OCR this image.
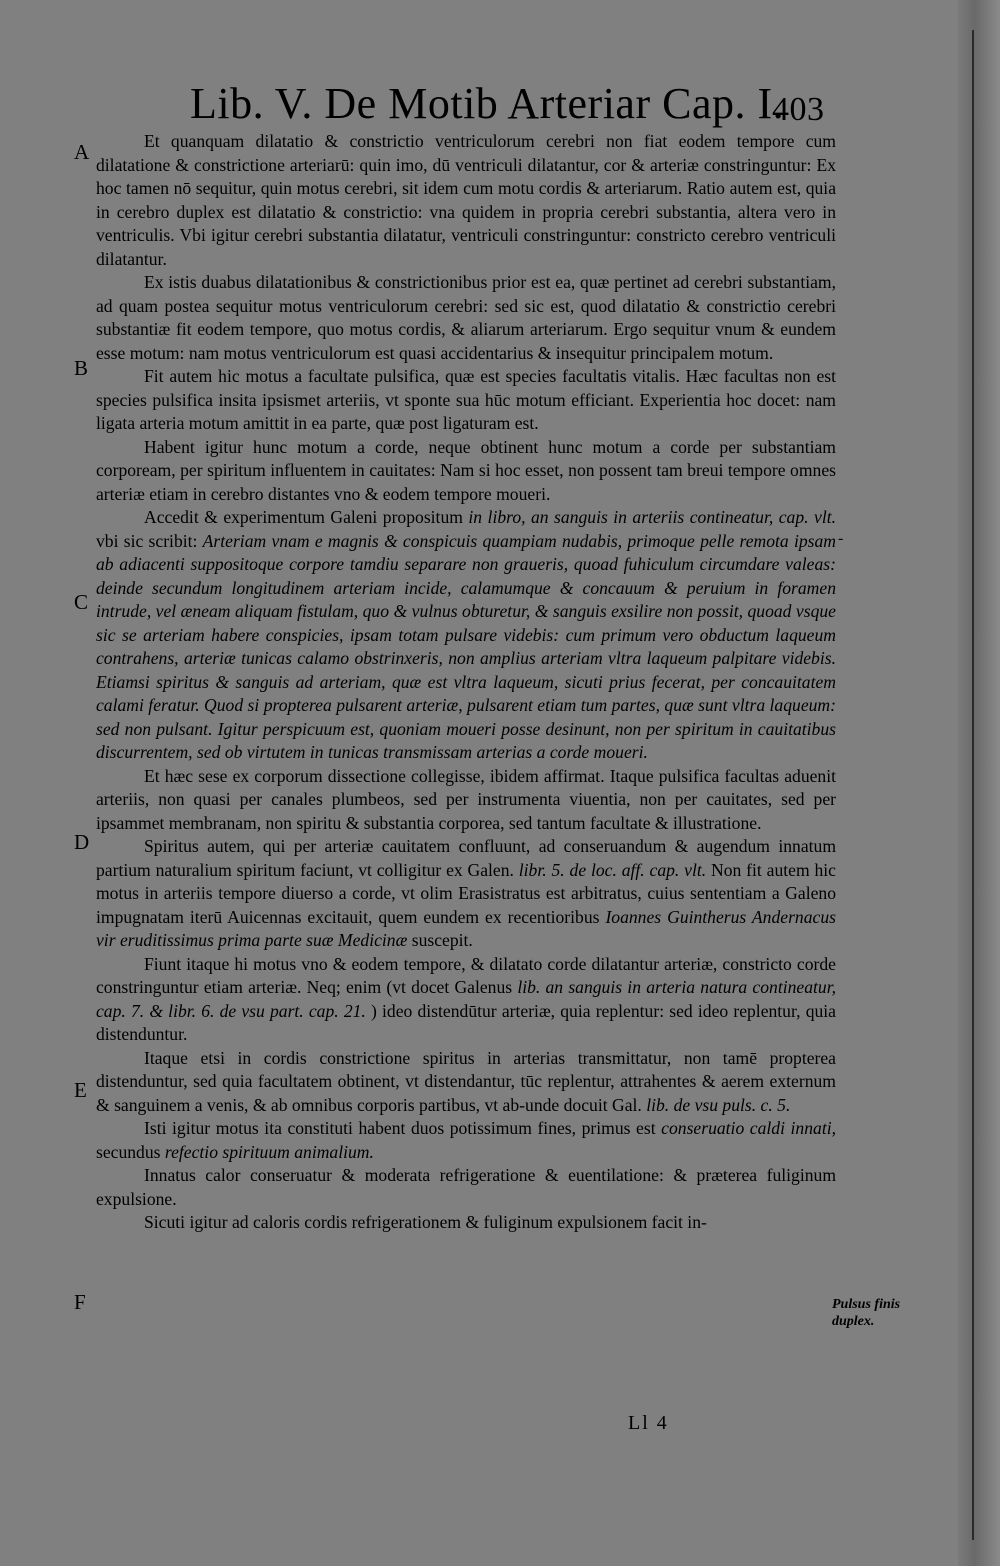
Lib. V. De Motib Arteriar Cap. I.
403
A
B
C
D
E
F

Et quanquam dilatatio & constrictio ventriculorum cerebri non fiat eodem tempore cum dilatatione & constrictione arteriarū: quin imo, dū ventriculi dilatantur, cor & arteriæ constringuntur: Ex hoc tamen nō sequitur, quin motus cerebri, sit idem cum motu cordis & arteriarum. Ratio autem est, quia in cerebro duplex est dilatatio & constrictio: vna quidem in propria cerebri substantia, altera vero in ventriculis. Vbi igitur cerebri substantia dilatatur, ventriculi constringuntur: constricto cerebro ventriculi dilatantur.

Ex istis duabus dilatationibus & constrictionibus prior est ea, quæ pertinet ad cerebri substantiam, ad quam postea sequitur motus ventriculorum cerebri: sed sic est, quod dilatatio & constrictio cerebri substantiæ fit eodem tempore, quo motus cordis, & aliarum arteriarum. Ergo sequitur vnum & eundem esse motum: nam motus ventriculorum est quasi accidentarius & insequitur principalem motum.

Fit autem hic motus a facultate pulsifica, quæ est species facultatis vitalis. Hæc facultas non est species pulsifica insita ipsismet arteriis, vt sponte sua hūc motum efficiant. Experientia hoc docet: nam ligata arteria motum amittit in ea parte, quæ post ligaturam est.

Habent igitur hunc motum a corde, neque obtinent hunc motum a corde per substantiam corpoream, per spiritum influentem in cauitates: Nam si hoc esset, non possent tam breui tempore omnes arteriæ etiam in cerebro distantes vno & eodem tempore moueri.

Accedit & experimentum Galeni propositum in libro, an sanguis in arteriis contineatur, cap. vlt. vbi sic scribit: Arteriam vnam e magnis & conspicuis quampiam nudabis, primoque pelle remota ipsam ab adiacenti suppositoque corpore tamdiu separare non graueris, quoad fuhiculum circumdare valeas: deinde secundum longitudinem arteriam incide, calamumque & concauum & peruium in foramen intrude, vel æneam aliquam fistulam, quo & vulnus obturetur, & sanguis exsilire non possit, quoad vsque sic se arteriam habere conspicies, ipsam totam pulsare videbis: cum primum vero obductum laqueum contrahens, arteriæ tunicas calamo obstrinxeris, non amplius arteriam vltra laqueum palpitare videbis. Etiamsi spiritus & sanguis ad arteriam, quæ est vltra laqueum, sicuti prius fecerat, per concauitatem calami feratur. Quod si propterea pulsarent arteriæ, pulsarent etiam tum partes, quæ sunt vltra laqueum: sed non pulsant. Igitur perspicuum est, quoniam moueri posse desinunt, non per spiritum in cauitatibus discurrentem, sed ob virtutem in tunicas transmissam arterias a corde moueri.

Et hæc sese ex corporum dissectione collegisse, ibidem affirmat. Itaque pulsifica facultas aduenit arteriis, non quasi per canales plumbeos, sed per instrumenta viuentia, non per cauitates, sed per ipsammet membranam, non spiritu & substantia corporea, sed tantum facultate & illustratione.

Spiritus autem, qui per arteriæ cauitatem confluunt, ad conseruandum & augendum innatum partium naturalium spiritum faciunt, vt colligitur ex Galen. libr. 5. de loc. aff. cap. vlt. Non fit autem hic motus in arteriis tempore diuerso a corde, vt olim Erasistratus est arbitratus, cuius sententiam a Galeno impugnatam iterū Auicennas excitauit, quem eundem ex recentioribus Ioannes Guintherus Andernacus vir eruditissimus prima parte suæ Medicinæ suscepit.

Fiunt itaque hi motus vno & eodem tempore, & dilatato corde dilatantur arteriæ, constricto corde constringuntur etiam arteriæ. Neq; enim (vt docet Galenus lib. an sanguis in arteria natura contineatur, cap. 7. & libr. 6. de vsu part. cap. 21. ) ideo distendūtur arteriæ, quia replentur: sed ideo replentur, quia distenduntur.

Itaque etsi in cordis constrictione spiritus in arterias transmittatur, non tamē propterea distenduntur, sed quia facultatem obtinent, vt distendantur, tūc replentur, attrahentes & aerem externum & sanguinem a venis, & ab omnibus corporis partibus, vt ab-unde docuit Gal. lib. de vsu puls. c. 5.

Isti igitur motus ita constituti habent duos potissimum fines, primus est conseruatio caldi innati, secundus refectio spirituum animalium.

Innatus calor conseruatur & moderata refrigeratione & euentilatione: & præterea fuliginum expulsione.

Sicuti igitur ad caloris cordis refrigerationem & fuliginum expulsionem facit in-

Pulsus finis duplex.
-
Ll 4
